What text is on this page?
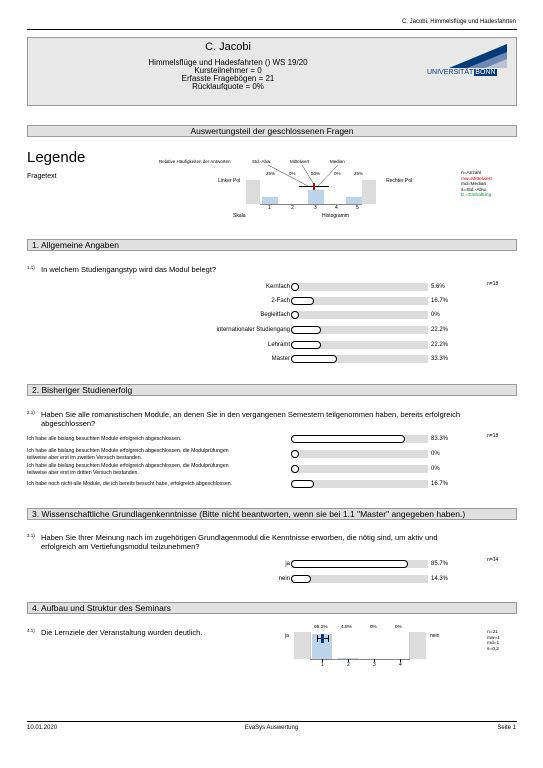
C. Jacobi, Himmelsflüge und Hadesfahrten
C. Jacobi
Himmelsflüge und Hadesfahrten () WS 19/20
Kursteilnehmer = 0
Erfasste Fragebögen = 21
Rücklaufquote = 0%
UNIVERSITÄT BONN
Auswertungsteil der geschlossenen Fragen
Legende
Fragetext
Relative Häufigkeiten der Antworten	Std.-Abw.	Mittelwert	Median
25%	0%	50%	0%	25%
Linker Pol	Rechter Pol
1	2	3	4	5
Skala	Histogramm
n=Anzahl
mw=Mittelwert
md=Median
s=Std.-Abw.
E.=Enthaltung
1. Allgemeine Angaben
1.1) In welchem Studiengangstyp wird das Modul belegt?
n=18
Kernfach	5.6%
2-Fach	16.7%
Begleitfach	0%
internationaler Studiengang	22.2%
Lehramt	22.2%
Master	33.3%
2. Bisheriger Studienerfolg
2.1) Haben Sie alle romanistischen Module, an denen Sie in den vergangenen Semestern teilgenommen haben, bereits erfolgreich
abgeschlossen?
n=18
Ich habe alle bislang besuchten Module erfolgreich abgeschlossen.	83.3%
Ich habe alle bislang besuchten Module erfolgreich abgeschlossen, die Modulprüfungen
teilweise aber erst im zweiten Versuch bestanden.
0%
Ich habe alle bislang besuchten Module erfolgreich abgeschlossen, die Modulprüfungen
teilweise aber erst im dritten Versuch bestanden.
0%
Ich habe noch nicht alle Module, die ich bereits besucht habe, erfolgreich abgeschlossen.	16.7%
3. Wissenschaftliche Grundlagenkenntnisse (Bitte nicht beantworten, wenn sie bei 1.1 "Master" angegeben haben.)
3.1) Haben Sie Ihrer Meinung nach im zugehörigen Grundlagenmodul die Kenntnisse erworben, die nötig sind, um aktiv und
erfolgreich am Vertiefungsmodul teilzunehmen?
n=14
ja	85.7%
nein	14.3%
4. Aufbau und Struktur des Seminars
4.1) Die Lernziele der Veranstaltung wurden deutlich.	ja	nein
95.2%	4.8%	0%	0%
1	2	3	4
n=21
mw=1
md=1
s=0,2
10.01.2020	EvaSys Auswertung	Seite 1
